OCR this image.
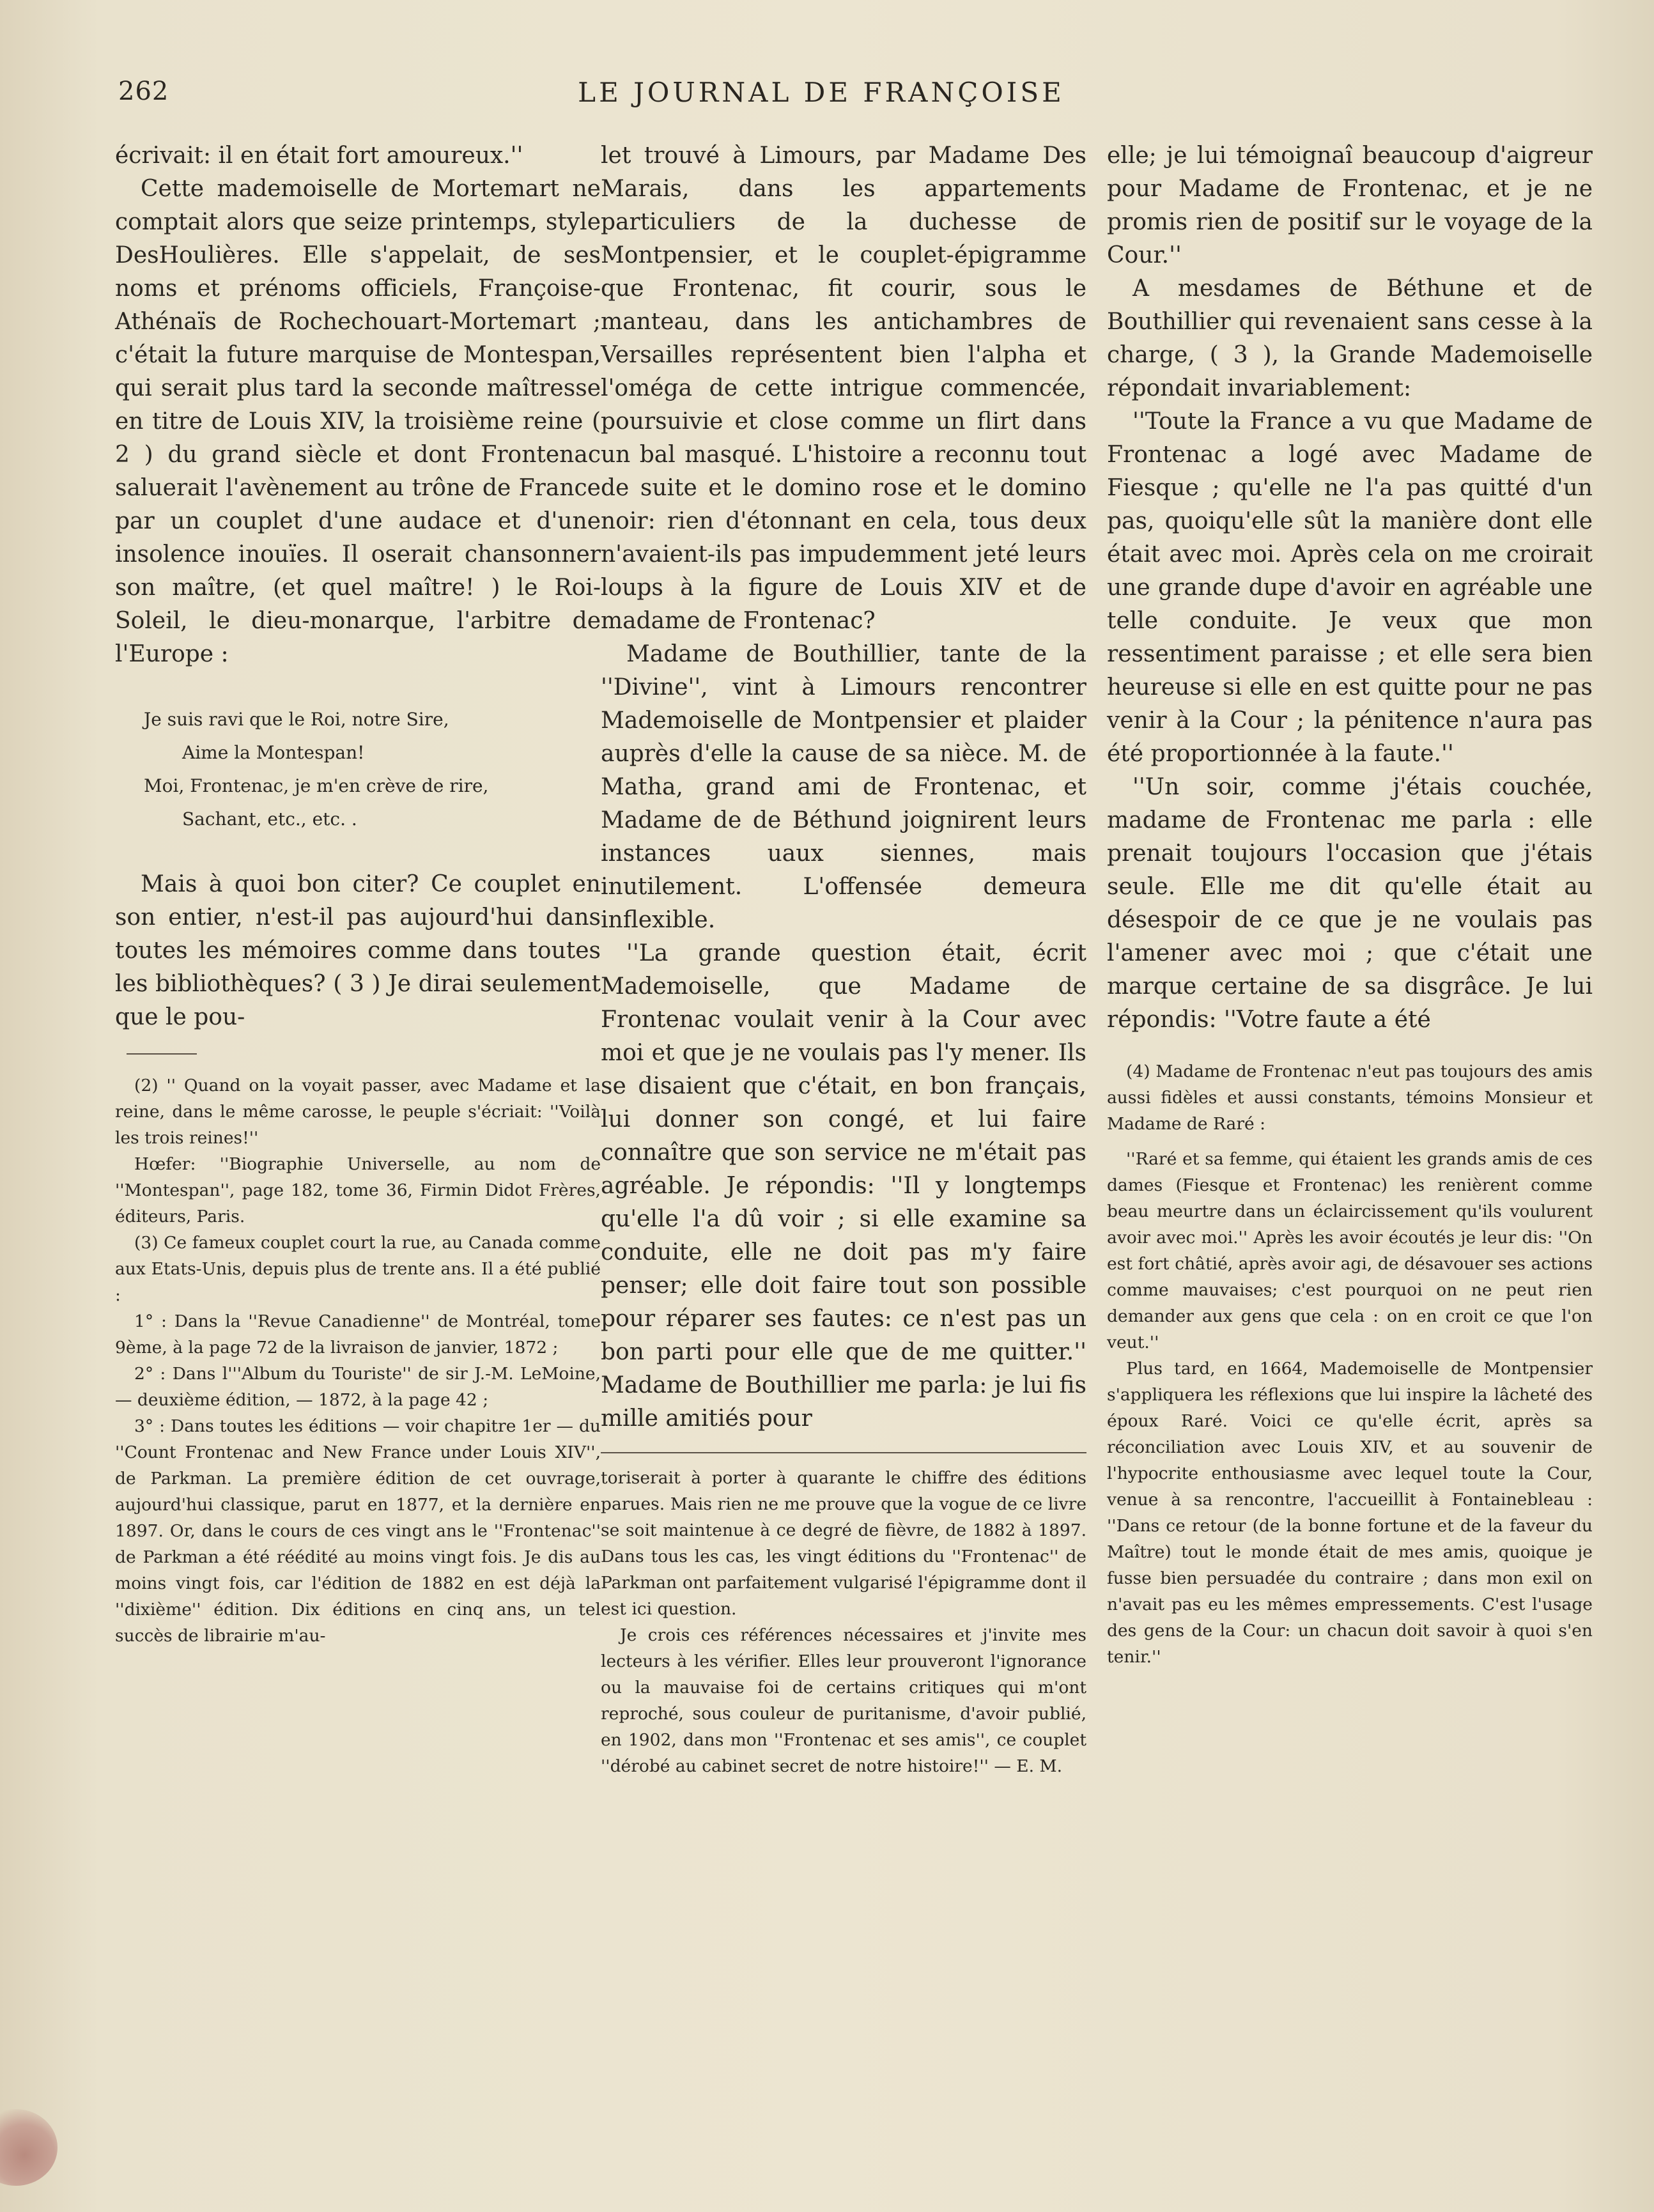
262	LE JOURNAL DE FRANÇOISE

écrivait: il en était fort amoureux.''

Cette mademoiselle de Mortemart ne comptait alors que seize printemps, style DesHoulières. Elle s'appelait, de ses noms et prénoms officiels, Françoise-Athénaïs de Rochechouart-Mortemart ; c'était la future marquise de Montespan, qui serait plus tard la seconde maîtresse en titre de Louis XIV, la troisième reine ( 2 ) du grand siècle et dont Frontenac saluerait l'avènement au trône de France par un couplet d'une audace et d'une insolence inouïes. Il oserait chansonner son maître, (et quel maître! ) le Roi-Soleil, le dieu-monarque, l'arbitre de l'Europe :

Je suis ravi que le Roi, notre Sire,
Aime la Montespan!
Moi, Frontenac, je m'en crève de rire,
Sachant, etc., etc. .

Mais à quoi bon citer? Ce couplet en son entier, n'est-il pas aujourd'hui dans toutes les mémoires comme dans toutes les bibliothèques? ( 3 ) Je dirai seulement que le pou-

(2) '' Quand on la voyait passer, avec Madame et la reine, dans le même carosse, le peuple s'écriait: ''Voilà les trois reines!''

Hœfer: ''Biographie Universelle, au nom de ''Montespan'', page 182, tome 36, Firmin Didot Frères, éditeurs, Paris.

(3) Ce fameux couplet court la rue, au Canada comme aux Etats-Unis, depuis plus de trente ans. Il a été publié :

1° : Dans la ''Revue Canadienne'' de Montréal, tome 9ème, à la page 72 de la livraison de janvier, 1872 ;

2° : Dans l'''Album du Touriste'' de sir J.-M. LeMoine, — deuxième édition, — 1872, à la page 42 ;

3° : Dans toutes les éditions — voir chapitre 1er — du ''Count Frontenac and New France under Louis XIV'', de Parkman. La première édition de cet ouvrage, aujourd'hui classique, parut en 1877, et la dernière en 1897. Or, dans le cours de ces vingt ans le ''Frontenac'' de Parkman a été réédité au moins vingt fois. Je dis au moins vingt fois, car l'édition de 1882 en est déjà la ''dixième'' édition. Dix éditions en cinq ans, un tel succès de librairie m'au-

let trouvé à Limours, par Madame Des Marais, dans les appartements particuliers de la duchesse de Montpensier, et le couplet-épigramme que Frontenac, fit courir, sous le manteau, dans les antichambres de Versailles représentent bien l'alpha et l'oméga de cette intrigue commencée, poursuivie et close comme un flirt dans un bal masqué. L'histoire a reconnu tout de suite et le domino rose et le domino noir: rien d'étonnant en cela, tous deux n'avaient-ils pas impudemment jeté leurs loups à la figure de Louis XIV et de madame de Frontenac?

Madame de Bouthillier, tante de la ''Divine'', vint à Limours rencontrer Mademoiselle de Montpensier et plaider auprès d'elle la cause de sa nièce. M. de Matha, grand ami de Frontenac, et Madame de de Béthund joignirent leurs instances uaux siennes, mais inutilement. L'offensée demeura inflexible.

''La grande question était, écrit Mademoiselle, que Madame de Frontenac voulait venir à la Cour avec moi et que je ne voulais pas l'y mener. Ils se disaient que c'était, en bon français, lui donner son congé, et lui faire connaître que son service ne m'était pas agréable. Je répondis: ''Il y longtemps qu'elle l'a dû voir ; si elle examine sa conduite, elle ne doit pas m'y faire penser; elle doit faire tout son possible pour réparer ses fautes: ce n'est pas un bon parti pour elle que de me quitter.'' Madame de Bouthillier me parla: je lui fis mille amitiés pour

toriserait à porter à quarante le chiffre des éditions parues. Mais rien ne me prouve que la vogue de ce livre se soit maintenue à ce degré de fièvre, de 1882 à 1897. Dans tous les cas, les vingt éditions du ''Frontenac'' de Parkman ont parfaitement vulgarisé l'épigramme dont il est ici question.

Je crois ces références nécessaires et j'invite mes lecteurs à les vérifier. Elles leur prouveront l'ignorance ou la mauvaise foi de certains critiques qui m'ont reproché, sous couleur de puritanisme, d'avoir publié, en 1902, dans mon ''Frontenac et ses amis'', ce couplet ''dérobé au cabinet secret de notre histoire!'' — E. M.

elle; je lui témoignaî beaucoup d'aigreur pour Madame de Frontenac, et je ne promis rien de positif sur le voyage de la Cour.''

A mesdames de Béthune et de Bouthillier qui revenaient sans cesse à la charge, ( 3 ), la Grande Mademoiselle répondait invariablement:

''Toute la France a vu que Madame de Frontenac a logé avec Madame de Fiesque ; qu'elle ne l'a pas quitté d'un pas, quoiqu'elle sût la manière dont elle était avec moi. Après cela on me croirait une grande dupe d'avoir en agréable une telle conduite. Je veux que mon ressentiment paraisse ; et elle sera bien heureuse si elle en est quitte pour ne pas venir à la Cour ; la pénitence n'aura pas été proportionnée à la faute.''

''Un soir, comme j'étais couchée, madame de Frontenac me parla : elle prenait toujours l'occasion que j'étais seule. Elle me dit qu'elle était au désespoir de ce que je ne voulais pas l'amener avec moi ; que c'était une marque certaine de sa disgrâce. Je lui répondis: ''Votre faute a été

(4) Madame de Frontenac n'eut pas toujours des amis aussi fidèles et aussi constants, témoins Monsieur et Madame de Raré :

''Raré et sa femme, qui étaient les grands amis de ces dames (Fiesque et Frontenac) les renièrent comme beau meurtre dans un éclaircissement qu'ils voulurent avoir avec moi.'' Après les avoir écoutés je leur dis: ''On est fort châtié, après avoir agi, de désavouer ses actions comme mauvaises; c'est pourquoi on ne peut rien demander aux gens que cela : on en croit ce que l'on veut.''

Plus tard, en 1664, Mademoiselle de Montpensier s'appliquera les réflexions que lui inspire la lâcheté des époux Raré. Voici ce qu'elle écrit, après sa réconciliation avec Louis XIV, et au souvenir de l'hypocrite enthousiasme avec lequel toute la Cour, venue à sa rencontre, l'accueillit à Fontainebleau : ''Dans ce retour (de la bonne fortune et de la faveur du Maître) tout le monde était de mes amis, quoique je fusse bien persuadée du contraire ; dans mon exil on n'avait pas eu les mêmes empressements. C'est l'usage des gens de la Cour: un chacun doit savoir à quoi s'en tenir.''
